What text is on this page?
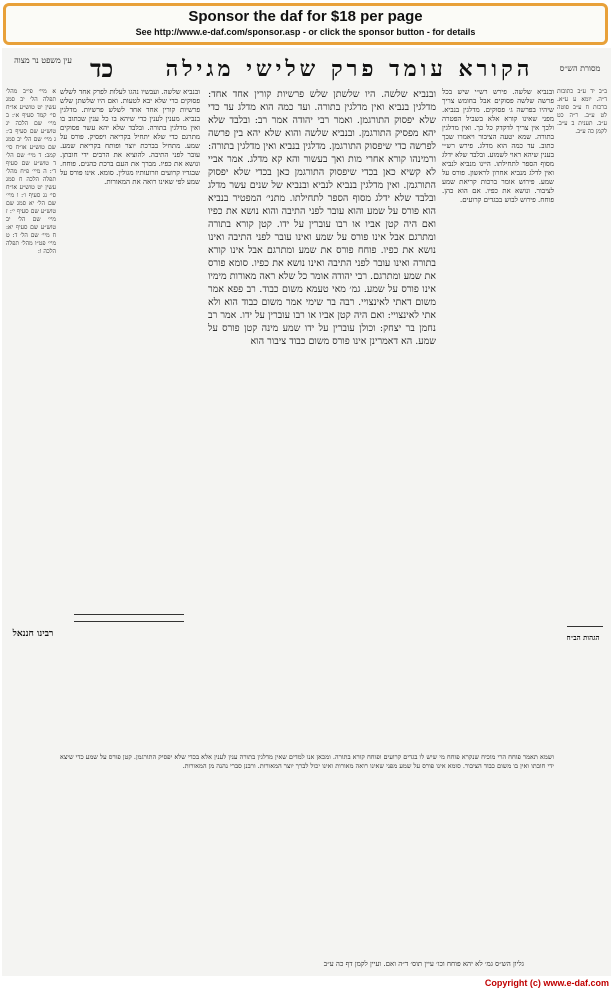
Sponsor the daf for $18 per page
See http://www.e-daf.com/sponsor.asp - or click the sponsor button - for details
עין משפט נר מצוה כד	הקורא עומד פרק שלישי מגילה	מסורת הש״ס
א מיי׳ פי״ב מהל׳ תפלה הל׳ יב סמג עשין יט טוש״ע או״ח סי׳ קמד סעיף א׳: ב מיי׳ שם הלכה יג טוש״ע שם סעיף ב׳: ג מיי׳ שם הל׳ יב סמג שם טוש״ע או״ח סי׳ קמב: ד מיי׳ שם הל׳ ד טוש״ע שם סעיף ד׳: ה מיי׳ פ״ח מהל׳ תפלה הלכה ח סמג עשין יט טוש״ע או״ח סי׳ נג סעיף ו׳: ו מיי׳ שם הל׳ יא סמג שם טוש״ע שם סעיף י׳: ז מיי׳ שם הל׳ יב טוש״ע שם סעיף יא: ח מיי׳ שם הל׳ ד: ט מיי׳ פט״ו מהל׳ תפלה הלכה ו:
ובנביא שלשה. ועבשיו נהגו לעלות לפרק אחד לשלש פסוקים כדי שלא יבא לטעות. ואם היו שלשתן שלש פרשיות קורין אחד אחד לשלש פרשיות. מדלגין בנביא. מענין לענין כדי שיהא בו כל ענין שכתוב בו ואין מדלגין בתורה. ובלבד שלא יהא עשר פסוקים מתרגם כדי שלא יתחיל בקריאה ויפסיק. פורס על שמע. מתחיל בברכת יוצר ופותח בקריאת שמע. עובר לפני התיבה. להוציא את הרבים ידי חובתן. ונושא את כפיו. מברך את העם ברכת כהנים. פוחח. שבגדיו קרועים וזרועותיו מגולין. סומא. אינו פורס על שמע לפי שאינו רואה את המאורות.
ובנביא שלשה. היו שלשתן שלש פרשיות קורין אחד אחד: מדלגין בנביא ואין מדלגין בתורה. ועד כמה הוא מדלג עד כדי שלא יפסוק התורגמן. ואמר רבי יהודה אמר רב: ובלבד שלא יהא מפסיק התורגמן. ובנביא שלשה והוא שלא יהא בין פרשה לפרשה כדי שיפסוק התורגמן. מדלגין בנביא ואין מדלגין בתורה: ורמינהו קורא אחרי מות ואך בעשור והא קא מדלג. אמר אביי לא קשיא כאן בכדי שיפסוק התורגמן כאן בכדי שלא יפסוק התורגמן. ואין מדלגין בנביא לנביא ובנביא של שנים עשר מדלג ובלבד שלא ידלג מסוף הספר לתחילתו. מתני׳ המפטיר בנביא הוא פורס על שמע והוא עובר לפני התיבה והוא נושא את כפיו ואם היה קטן אביו או רבו עוברין על ידו. קטן קורא בתורה ומתרגם אבל אינו פורס על שמע ואינו עובר לפני התיבה ואינו נושא את כפיו. פוחח פורס את שמע ומתרגם אבל אינו קורא בתורה ואינו עובר לפני התיבה ואינו נושא את כפיו. סומא פורס את שמע ומתרגם. רבי יהודה אומר כל שלא ראה מאורות מימיו אינו פורס על שמע. גמ׳ מאי טעמא משום כבוד. רב פפא אמר משום דאתי לאינצויי. רבה בר שימי אמר משום כבוד הוא ולא אתי לאינצויי: ואם היה קטן אביו או רבו עוברין על ידו. אמר רב נחמן בר יצחק: וכולן עוברין על ידו שמע מינה קטן פורס על שמע. הא דאמרינן אינו פורס משום כבוד ציבור הוא
ובנביא שלשה. פירש רש״י שיש בכל פרשה שלשה פסוקים אבל בחומש צריך שיהיו בפרשה ג׳ פסוקים. מדלגין בנביא. מפני שאינו קורא אלא בשביל הפטרה ולכך אין צריך לדקדק כל כך. ואין מדלגין בתורה. שמא יטעה הציבור ויאמרו שכך כתוב. עד כמה הוא מדלג. פירש רש״י בענין שיהא ראוי לשמוע. ובלבד שלא ידלג מסוף הספר לתחילתו. היינו מנביא לנביא ואין לדלג מנביא אחרון לראשון. פורס על שמע. פירוש אומר ברכות קריאת שמע לציבור. ונושא את כפיו. אם הוא כהן. פוחח. פירוש לבוש בבגדים קרועים.
ב״ב יד ע״ב כתובות ד״ה. יומא ע ע״א. ברכות ח ע״ב סוטה לט ע״ב. ר״ה כט ע״ב. תענית ב ע״ב. לקמן כה ע״ב.
רבינו חננאל	הגהות הב״ח
ושמא תאמר פוחח הרי מוכיח שנקרא פוחח מי שיש לו בגדים קרועים ופוחח קורא בתורה. ומכאן אנו למדים שאין מדלגין בתורה ענין לענין אלא בכדי שלא יפסיק התורגמן. קטן פורס על שמע כדי שיצא ידי חובתו ואין בו משום כבוד הציבור. סומא אינו פורס על שמע מפני שאינו רואה מאורות ואינו יכול לברך יוצר המאורות. ורבנן סברי נהנה מן המאורות.
גליון הש״ס גמ׳ לא יהא פוחח וכו׳ עיין תוס׳ ד״ה ואם. ועיין לקמן דף כה ע״ב
Copyright (c) www.e-daf.com
